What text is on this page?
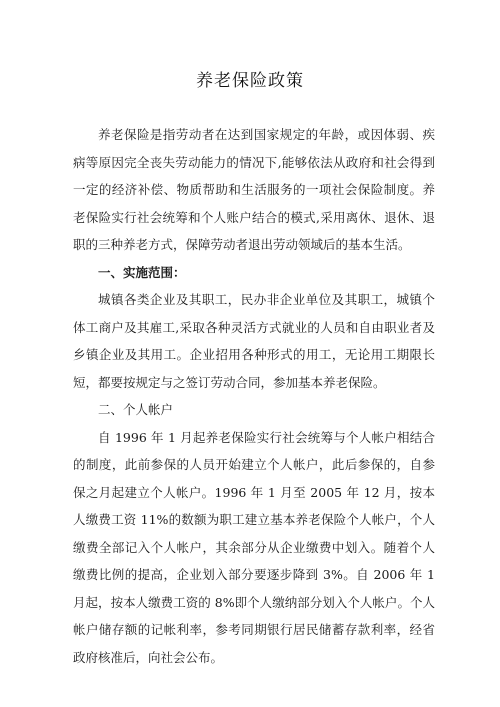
养老保险政策

养老保险是指劳动者在达到国家规定的年龄，或因体弱、疾病等原因完全丧失劳动能力的情况下,能够依法从政府和社会得到一定的经济补偿、物质帮助和生活服务的一项社会保险制度。养老保险实行社会统筹和个人账户结合的模式,采用离休、退休、退职的三种养老方式，保障劳动者退出劳动领域后的基本生活。

一、实施范围：

城镇各类企业及其职工，民办非企业单位及其职工，城镇个体工商户及其雇工,采取各种灵活方式就业的人员和自由职业者及乡镇企业及其用工。企业招用各种形式的用工，无论用工期限长短，都要按规定与之签订劳动合同，参加基本养老保险。

二、个人帐户

自 1996 年 1 月起养老保险实行社会统筹与个人帐户相结合的制度，此前参保的人员开始建立个人帐户，此后参保的，自参保之月起建立个人帐户。1996 年 1 月至 2005 年 12 月，按本人缴费工资 11%的数额为职工建立基本养老保险个人帐户，个人缴费全部记入个人帐户，其余部分从企业缴费中划入。随着个人缴费比例的提高，企业划入部分要逐步降到 3%。自 2006 年 1 月起，按本人缴费工资的 8%即个人缴纳部分划入个人帐户。个人帐户储存额的记帐利率，参考同期银行居民储蓄存款利率，经省政府核准后，向社会公布。
